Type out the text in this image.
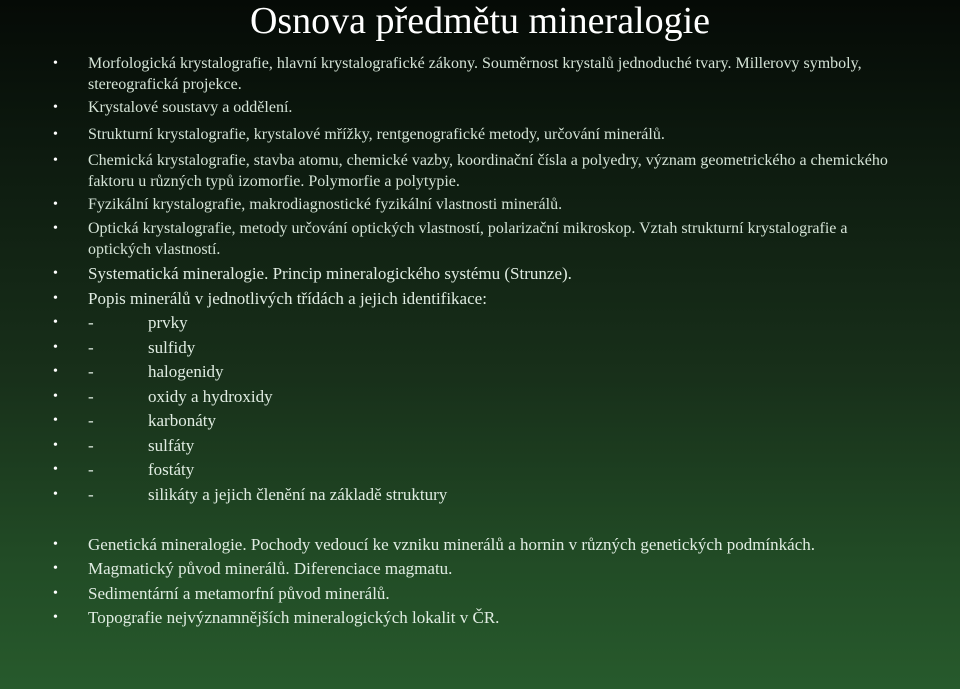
Osnova předmětu mineralogie
• Morfologická krystalografie, hlavní krystalografické zákony. Souměrnost krystalů jednoduché tvary. Millerovy symboly, stereografická projekce.
• Krystalové soustavy a oddělení.
• Strukturní krystalografie, krystalové mřížky, rentgenografické metody, určování minerálů.
• Chemická krystalografie, stavba atomu, chemické vazby, koordinační čísla a polyedry, význam geometrického a chemického faktoru u různých typů izomorfie. Polymorfie a polytypie.
• Fyzikální krystalografie, makrodiagnostické fyzikální vlastnosti minerálů.
• Optická krystalografie, metody určování optických vlastností, polarizační mikroskop. Vztah strukturní krystalografie a optických vlastností.
• Systematická mineralogie. Princip mineralogického systému (Strunze).
• Popis minerálů v jednotlivých třídách a jejich identifikace:
• -	prvky
• -	sulfidy
• -	halogenidy
• -	oxidy a hydroxidy
• -	karbonáty
• -	sulfáty
• -	fostáty
• -	silikáty a jejich členění na základě struktury
• Genetická mineralogie. Pochody vedoucí ke vzniku minerálů a hornin v různých genetických podmínkách.
• Magmatický původ minerálů. Diferenciace magmatu.
• Sedimentární a metamorfní původ minerálů.
• Topografie nejvýznamnějších mineralogických lokalit v ČR.
